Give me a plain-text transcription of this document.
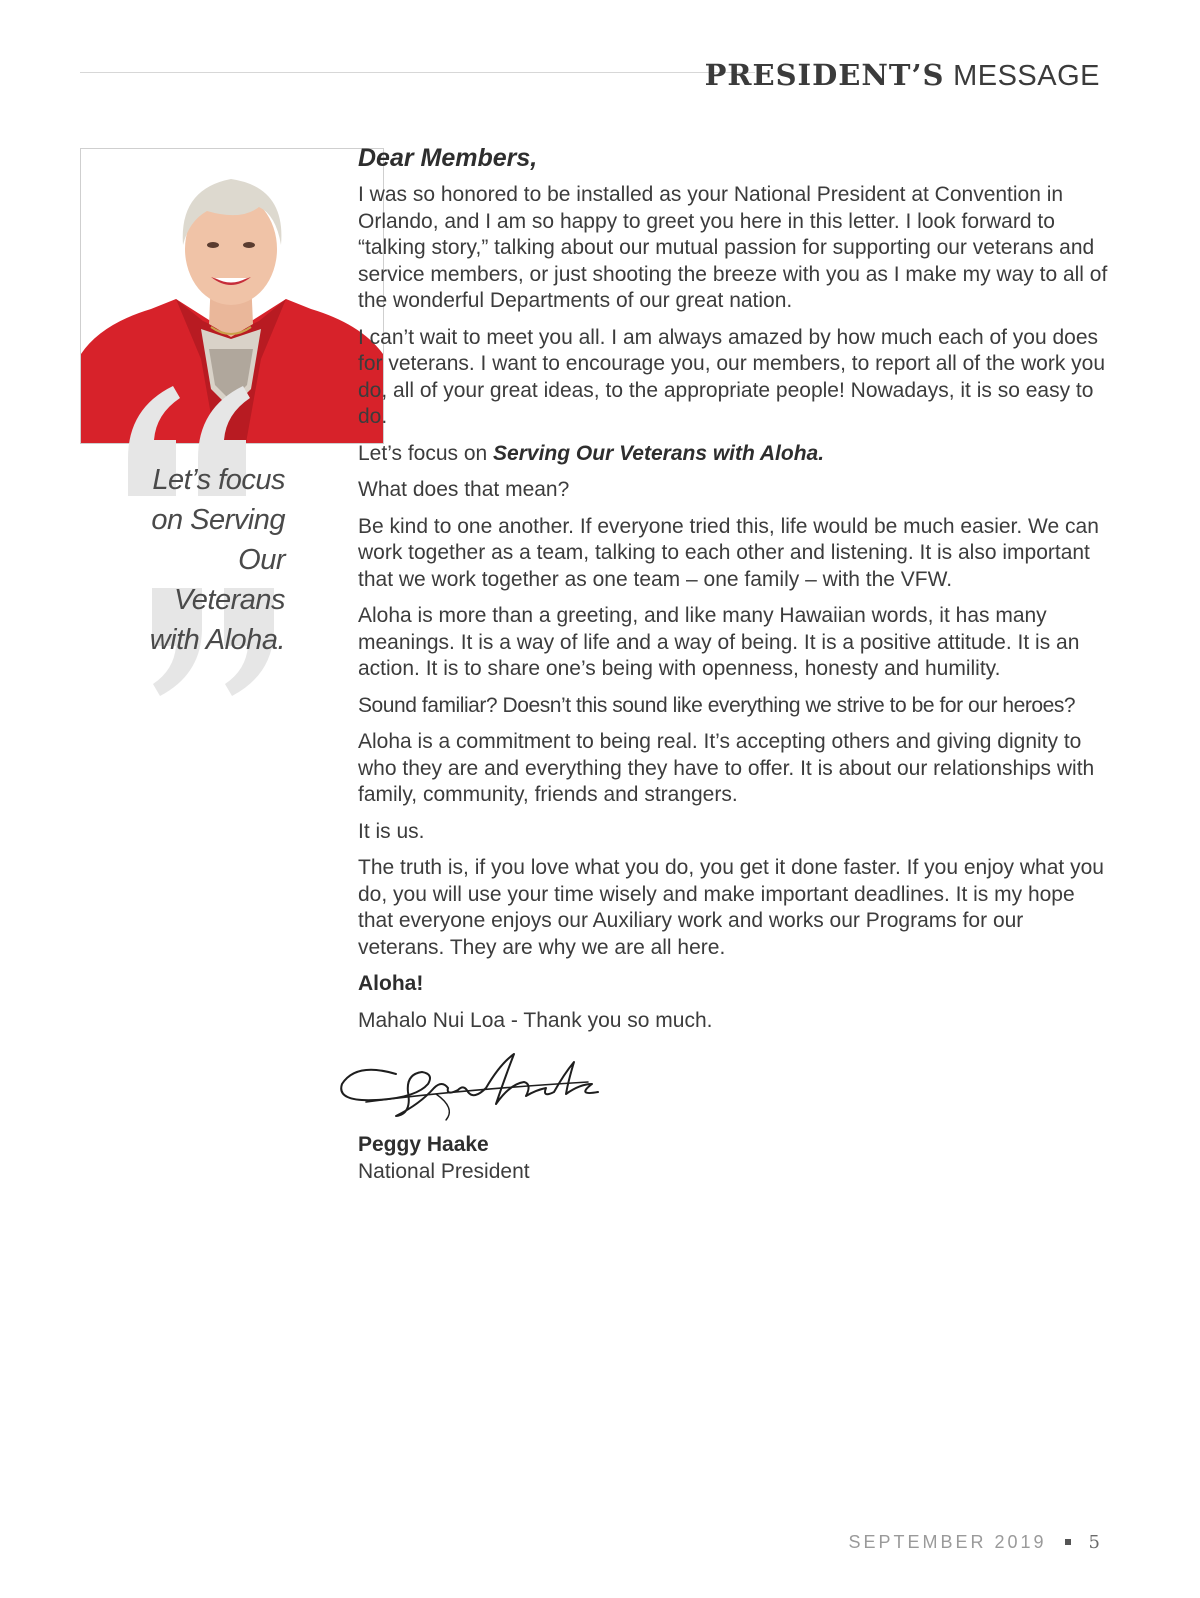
PRESIDENT’S MESSAGE
Let’s focus
on Serving
Our Veterans
with Aloha.
Dear Members,

I was so honored to be installed as your National President at Convention in Orlando, and I am so happy to greet you here in this letter. I look forward to “talking story,” talking about our mutual passion for supporting our veterans and service members, or just shooting the breeze with you as I make my way to all of the wonderful Departments of our great nation.

I can’t wait to meet you all. I am always amazed by how much each of you does for veterans. I want to encourage you, our members, to report all of the work you do, all of your great ideas, to the appropriate people! Nowadays, it is so easy to do.

Let’s focus on Serving Our Veterans with Aloha.

What does that mean?

Be kind to one another. If everyone tried this, life would be much easier. We can work together as a team, talking to each other and listening. It is also important that we work together as one team – one family – with the VFW.

Aloha is more than a greeting, and like many Hawaiian words, it has many meanings. It is a way of life and a way of being. It is a positive attitude. It is an action. It is to share one’s being with openness, honesty and humility.

Sound familiar? Doesn’t this sound like everything we strive to be for our heroes?

Aloha is a commitment to being real. It’s accepting others and giving dignity to who they are and everything they have to offer. It is about our relationships with family, community, friends and strangers.

It is us.

The truth is, if you love what you do, you get it done faster. If you enjoy what you do, you will use your time wisely and make important deadlines. It is my hope that everyone enjoys our Auxiliary work and works our Programs for our veterans. They are why we are all here.

Aloha!

Mahalo Nui Loa - Thank you so much.

Peggy Haake
National President
SEPTEMBER 2019 5
